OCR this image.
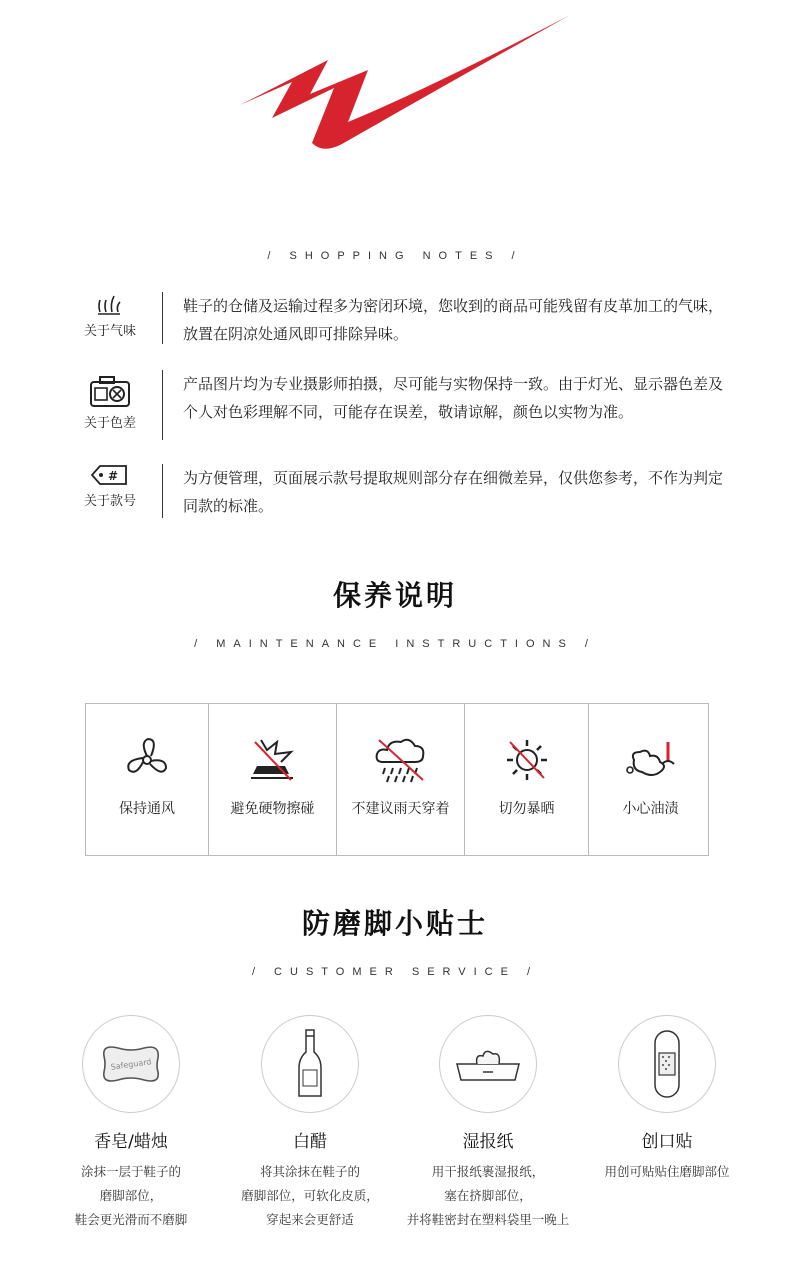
/ SHOPPING NOTES /
关于气味
鞋子的仓储及运输过程多为密闭环境，您收到的商品可能残留有皮革加工的气味，放置在阴凉处通风即可排除异味。
关于色差
产品图片均为专业摄影师拍摄，尽可能与实物保持一致。由于灯光、显示器色差及个人对色彩理解不同，可能存在误差，敬请谅解，颜色以实物为准。
#
关于款号
为方便管理，页面展示款号提取规则部分存在细微差异，仅供您参考，不作为判定同款的标准。
保养说明
/ MAINTENANCE INSTRUCTIONS /
保持通风	避免硬物擦碰	不建议雨天穿着	切勿暴晒	小心油渍
防磨脚小贴士
/ CUSTOMER SERVICE /
Safeguard
香皂/蜡烛
涂抹一层于鞋子的
磨脚部位，
鞋会更光滑而不磨脚
白醋
将其涂抹在鞋子的
磨脚部位，可软化皮质，
穿起来会更舒适
湿报纸
用干报纸裹湿报纸，
塞在挤脚部位，
并将鞋密封在塑料袋里一晚上
创口贴
用创可贴贴住磨脚部位
